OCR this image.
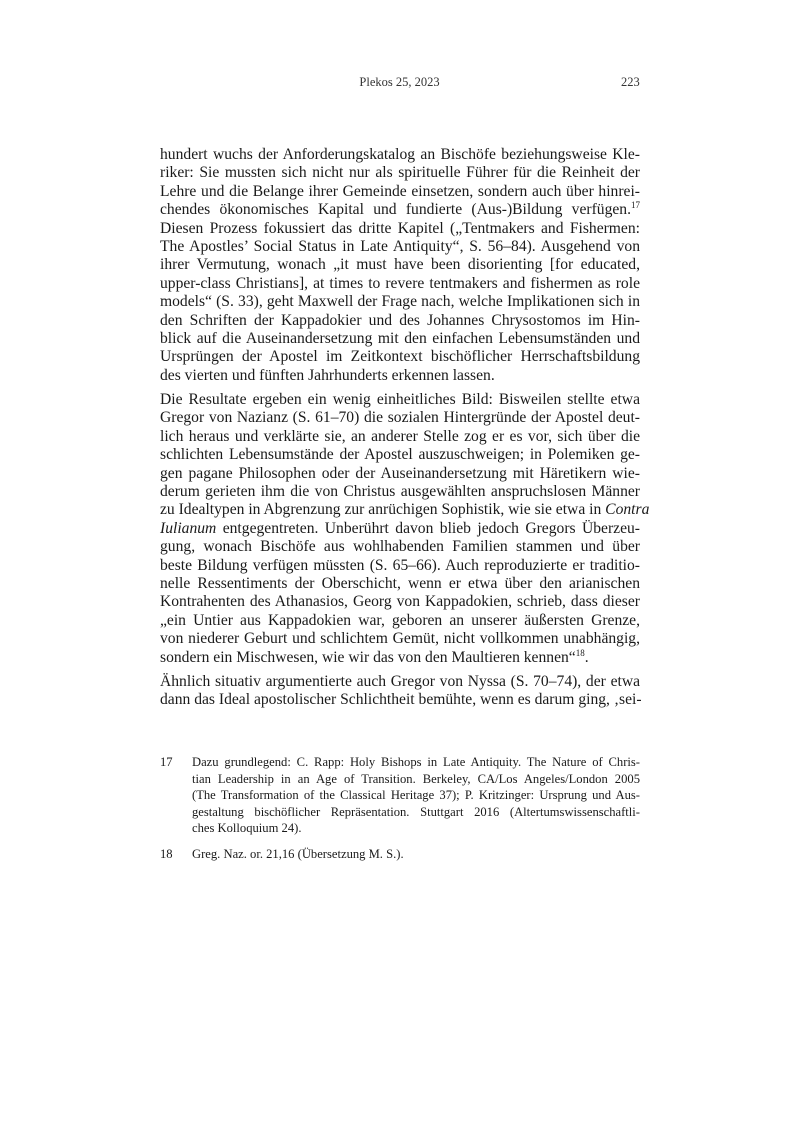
Plekos 25, 2023	223
hundert wuchs der Anforderungskatalog an Bischöfe beziehungsweise Kle-
riker: Sie mussten sich nicht nur als spirituelle Führer für die Reinheit der
Lehre und die Belange ihrer Gemeinde einsetzen, sondern auch über hinrei-
chendes ökonomisches Kapital und fundierte (Aus-)Bildung verfügen.$^{17}$
Diesen Prozess fokussiert das dritte Kapitel („Tentmakers and Fishermen:
The Apostles’ Social Status in Late Antiquity“, S. 56–84). Ausgehend von
ihrer Vermutung, wonach „it must have been disorienting [for educated,
upper-class Christians], at times to revere tentmakers and fishermen as role
models“ (S. 33), geht Maxwell der Frage nach, welche Implikationen sich in
den Schriften der Kappadokier und des Johannes Chrysostomos im Hin-
blick auf die Auseinandersetzung mit den einfachen Lebensumständen und
Ursprüngen der Apostel im Zeitkontext bischöflicher Herrschaftsbildung
des vierten und fünften Jahrhunderts erkennen lassen.
Die Resultate ergeben ein wenig einheitliches Bild: Bisweilen stellte etwa
Gregor von Nazianz (S. 61–70) die sozialen Hintergründe der Apostel deut-
lich heraus und verklärte sie, an anderer Stelle zog er es vor, sich über die
schlichten Lebensumstände der Apostel auszuschweigen; in Polemiken ge-
gen pagane Philosophen oder der Auseinandersetzung mit Häretikern wie-
derum gerieten ihm die von Christus ausgewählten anspruchslosen Männer
zu Idealtypen in Abgrenzung zur anrüchigen Sophistik, wie sie etwa in Contra
Iulianum entgegentreten. Unberührt davon blieb jedoch Gregors Überzeu-
gung, wonach Bischöfe aus wohlhabenden Familien stammen und über
beste Bildung verfügen müssten (S. 65–66). Auch reproduzierte er traditio-
nelle Ressentiments der Oberschicht, wenn er etwa über den arianischen
Kontrahenten des Athanasios, Georg von Kappadokien, schrieb, dass dieser
„ein Untier aus Kappadokien war, geboren an unserer äußersten Grenze,
von niederer Geburt und schlichtem Gemüt, nicht vollkommen unabhängig,
sondern ein Mischwesen, wie wir das von den Maultieren kennen“$^{18}$.
Ähnlich situativ argumentierte auch Gregor von Nyssa (S. 70–74), der etwa
dann das Ideal apostolischer Schlichtheit bemühte, wenn es darum ging, ‚sei-
17	Dazu grundlegend: C. Rapp: Holy Bishops in Late Antiquity. The Nature of Chris-
tian Leadership in an Age of Transition. Berkeley, CA/Los Angeles/London 2005
(The Transformation of the Classical Heritage 37); P. Kritzinger: Ursprung und Aus-
gestaltung bischöflicher Repräsentation. Stuttgart 2016 (Altertumswissenschaftli-
ches Kolloquium 24).
18	Greg. Naz. or. 21,16 (Übersetzung M. S.).
